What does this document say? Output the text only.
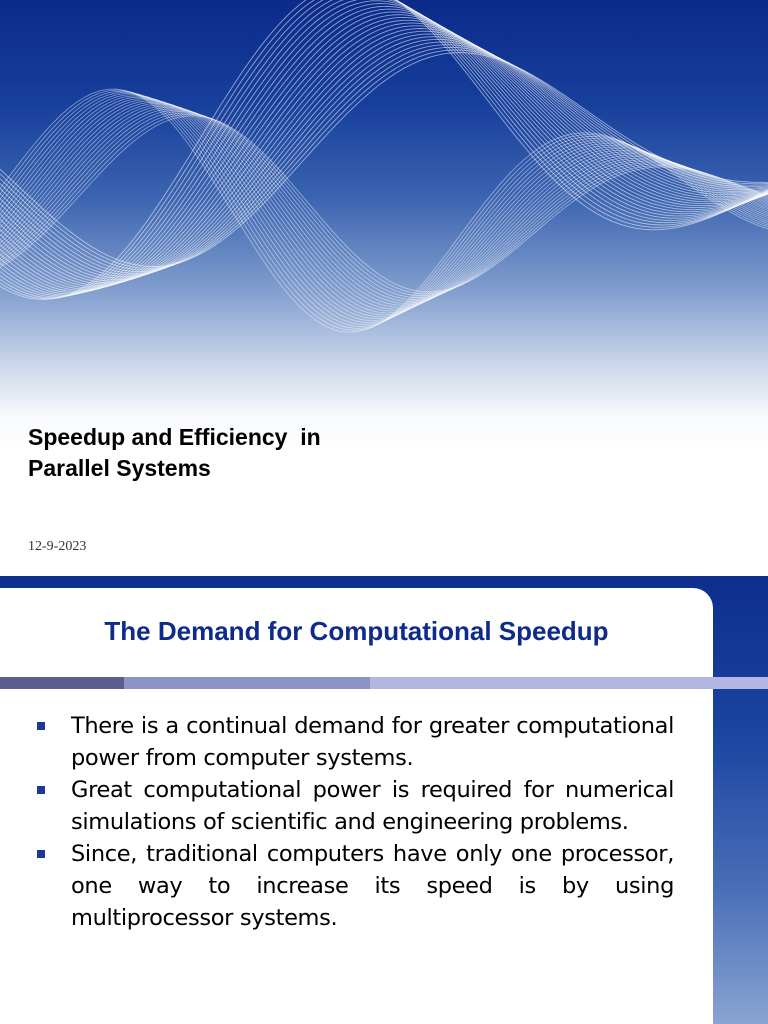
Speedup and Efficiency  in
Parallel Systems
12-9-2023
The Demand for Computational Speedup
There is a continual demand for greater computational power from computer systems.
Great computational power is required for numerical simulations of scientific and engineering problems.
Since, traditional computers have only one processor, one way to increase its speed is by using multiprocessor systems.
